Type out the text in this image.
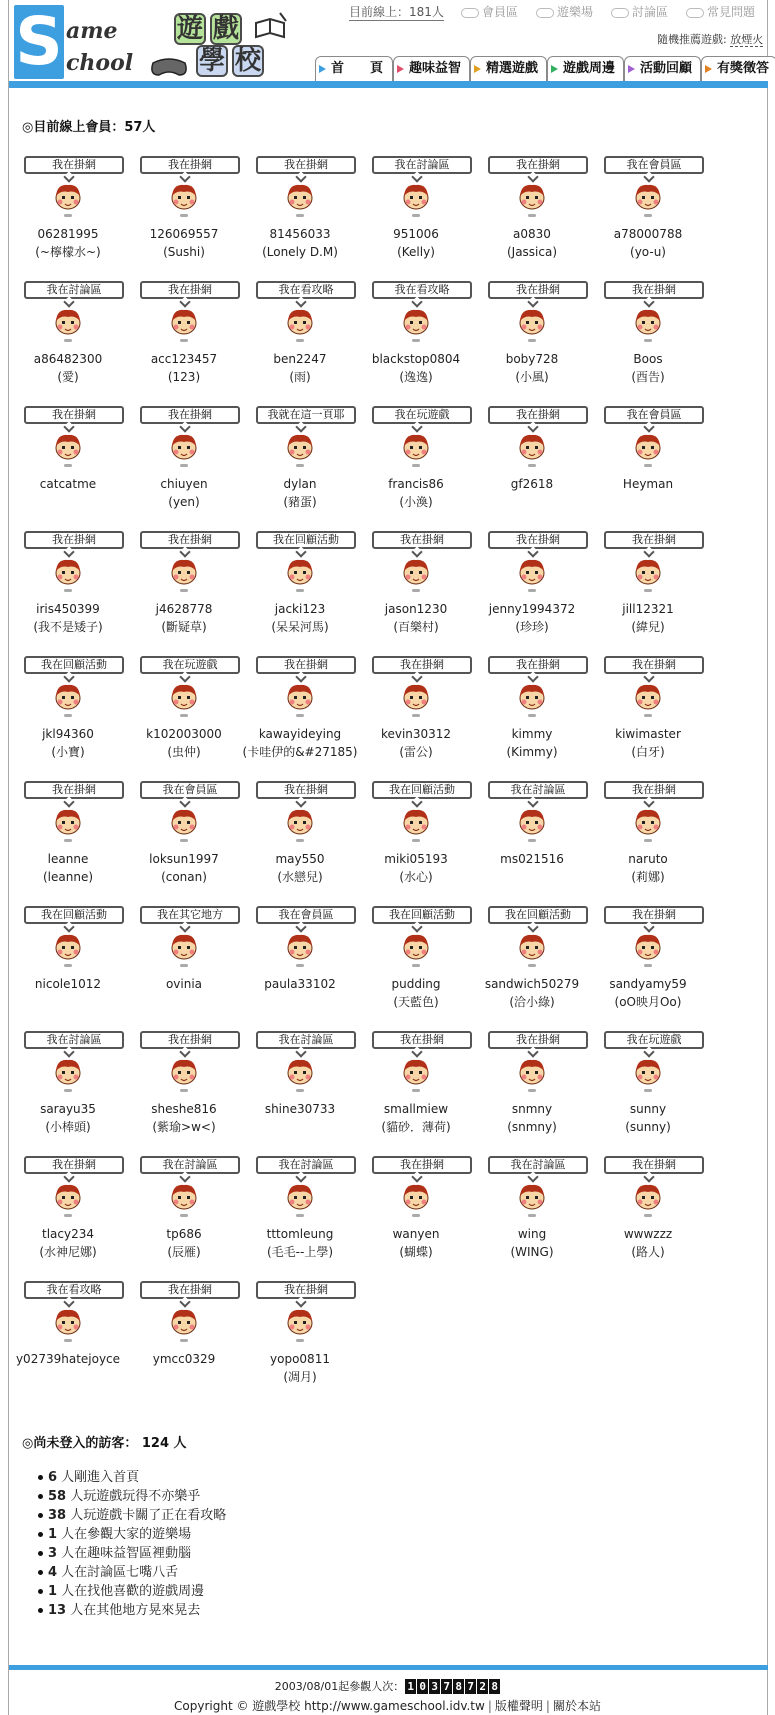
S ame
chool
遊 戲
學 校
目前線上：181人	會員區	遊樂場	討論區	常見問題
隨機推薦遊戲: 放煙火
首　　頁	趣味益智	精選遊戲	遊戲周邊	活動回顧	有獎徵答
◎目前線上會員：57人
我在掛網
06281995
(~檸檬水~)
我在掛網
126069557
(Sushi)
我在掛網
81456033
(Lonely D.M)
我在討論區
951006
(Kelly)
我在掛網
a0830
(Jassica)
我在會員區
a78000788
(yo-u)
我在討論區
a86482300
(愛)
我在掛網
acc123457
(123)
我在看攻略
ben2247
(雨)
我在看攻略
blackstop0804
(逸逸)
我在掛網
boby728
(小風)
我在掛網
Boos
(酉告)
我在掛網
catcatme
我在掛網
chiuyen
(yen)
我就在這一頁耶
dylan
(豬蛋)
我在玩遊戲
francis86
(小渙)
我在掛網
gf2618
我在會員區
Heyman
我在掛網
iris450399
(我不是矮子)
我在掛網
j4628778
(斷疑草)
我在回顧活動
jacki123
(呆呆河馬)
我在掛網
jason1230
(百樂村)
我在掛網
jenny1994372
(珍珍)
我在掛網
jill12321
(緯兒)
我在回顧活動
jkl94360
(小寶)
我在玩遊戲
k102003000
(虫仲)
我在掛網
kawayideying
(卡哇伊的&#27185)
我在掛網
kevin30312
(雷公)
我在掛網
kimmy
(Kimmy)
我在掛網
kiwimaster
(白牙)
我在掛網
leanne
(leanne)
我在會員區
loksun1997
(conan)
我在掛網
may550
(水戀兒)
我在回顧活動
miki05193
(水心)
我在討論區
ms021516
我在掛網
naruto
(莉娜)
我在回顧活動
nicole1012
我在其它地方
ovinia
我在會員區
paula33102
我在回顧活動
pudding
(天藍色)
我在回顧活動
sandwich50279
(洽小綠)
我在掛網
sandyamy59
(oO映月Oo)
我在討論區
sarayu35
(小棒頭)
我在掛網
sheshe816
(紫瑜>w<)
我在討論區
shine30733
我在掛網
smallmiew
(貓砂．薄荷)
我在掛網
snmny
(snmny)
我在玩遊戲
sunny
(sunny)
我在掛網
tlacy234
(水神尼娜)
我在討論區
tp686
(辰雁)
我在討論區
tttomleung
(毛毛--上學)
我在掛網
wanyen
(蝴蝶)
我在討論區
wing
(WING)
我在掛網
wwwzzz
(路人)
我在看攻略
y02739hatejoyce
我在掛網
ymcc0329
我在掛網
yopo0811
(凋月)
◎尚未登入的訪客： 124 人
6 人剛進入首頁
58 人玩遊戲玩得不亦樂乎
38 人玩遊戲卡關了正在看攻略
1 人在參觀大家的遊樂場
3 人在趣味益智區裡動腦
4 人在討論區七嘴八舌
1 人在找他喜歡的遊戲周邊
13 人在其他地方晃來晃去
2003/08/01起參觀人次： 1 0 3 7 8 7 2 8
Copyright © 遊戲學校 http://www.gameschool.idv.tw | 版權聲明 | 關於本站
